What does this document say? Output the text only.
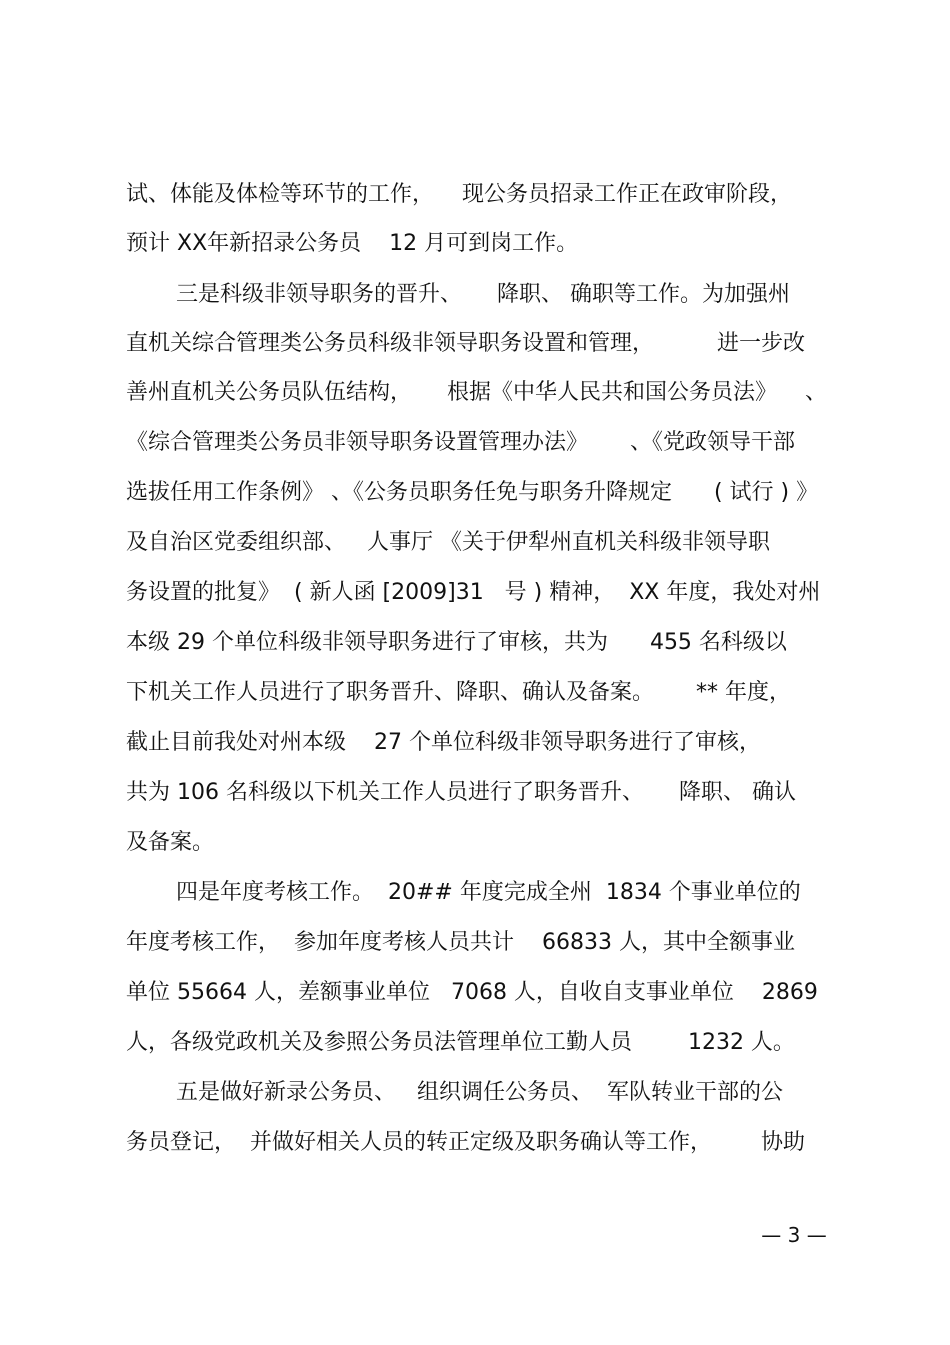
试、体能及体检等环节的工作，    现公务员招录工作正在政审阶段，
预计 XX年新招录公务员    12 月可到岗工作。
三是科级非领导职务的晋升、     降职、 确职等工作。为加强州
直机关综合管理类公务员科级非领导职务设置和管理，         进一步改
善州直机关公务员队伍结构，     根据《中华人民共和国公务员法》    、
《综合管理类公务员非领导职务设置管理办法》      、《党政领导干部
选拔任用工作条例》 、《公务员职务任免与职务升降规定      ( 试行 ) 》
及自治区党委组织部、   人事厅 《关于伊犁州直机关科级非领导职
务设置的批复》  ( 新人函 [2009]31   号 ) 精神，  XX 年度，我处对州
本级 29 个单位科级非领导职务进行了审核，共为      455 名科级以
下机关工作人员进行了职务晋升、降职、确认及备案。      ** 年度，
截止目前我处对州本级    27 个单位科级非领导职务进行了审核，
共为 106 名科级以下机关工作人员进行了职务晋升、     降职、 确认
及备案。
四是年度考核工作。  20## 年度完成全州  1834 个事业单位的
年度考核工作，  参加年度考核人员共计    66833 人，其中全额事业
单位 55664 人，差额事业单位   7068 人，自收自支事业单位    2869
人，各级党政机关及参照公务员法管理单位工勤人员        1232 人。
五是做好新录公务员、   组织调任公务员、  军队转业干部的公
务员登记，  并做好相关人员的转正定级及职务确认等工作，       协助
— 3 —
